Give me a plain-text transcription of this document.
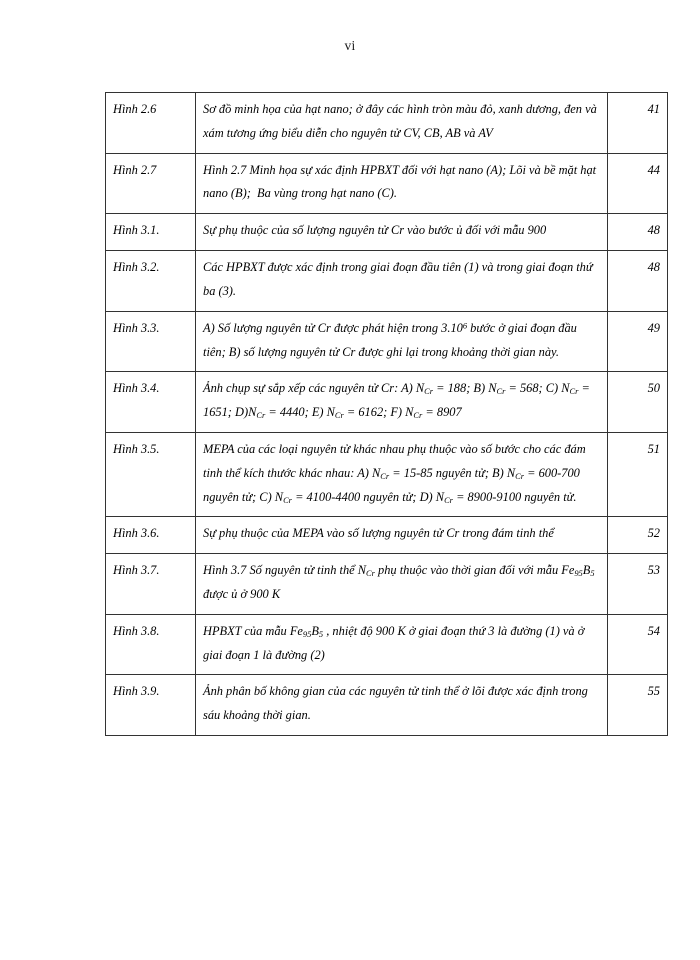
vi
Hình 2.6	Sơ đồ minh họa của hạt nano; ở đây các hình tròn màu đỏ, xanh dương, đen và xám tương ứng biểu diễn cho nguyên tử CV, CB, AB và AV	41
Hình 2.7	Hình 2.7 Minh họa sự xác định HPBXT đối với hạt nano (A); Lõi và bề mặt hạt nano (B);  Ba vùng trong hạt nano (C).	44
Hình 3.1.	Sự phụ thuộc của số lượng nguyên tử Cr vào bước ủ đối với mẫu 900	48
Hình 3.2.	Các HPBXT được xác định trong giai đoạn đầu tiên (1) và trong giai đoạn thứ ba (3).	48
Hình 3.3.	A) Số lượng nguyên tử Cr được phát hiện trong 3.10$^6$ bước ở giai đoạn đầu tiên; B) số lượng nguyên tử Cr được ghi lại trong khoảng thời gian này.	49
Hình 3.4.	Ảnh chụp sự sắp xếp các nguyên tử Cr: A) $N_{Cr} = 188$; B) $N_{Cr} = 568$; C) $N_{Cr} = 1651$; $D)N_{Cr} = 4440$; E) $N_{Cr} = 6162$; F) $N_{Cr} = 8907$	50
Hình 3.5.	MEPA của các loại nguyên tử khác nhau phụ thuộc vào số bước cho các đám tinh thể kích thước khác nhau: A) $N_{Cr} = 15-85$ nguyên tử; B) $N_{Cr} = 600-700$ nguyên tử; C) $N_{Cr} = 4100-4400$ nguyên tử; D) $N_{Cr} = 8900-9100$ nguyên tử.	51
Hình 3.6.	Sự phụ thuộc của MEPA vào số lượng nguyên tử Cr trong đám tinh thể	52
Hình 3.7.	Hình 3.7 Số nguyên tử tinh thể $N_{Cr}$ phụ thuộc vào thời gian đối với mẫu $Fe_{95}B_5$ được ủ ở 900 K	53
Hình 3.8.	HPBXT của mẫu $Fe_{95}B_5$ , nhiệt độ 900 K ở giai đoạn thứ 3 là đường (1) và ở giai đoạn 1 là đường (2)	54
Hình 3.9.	Ảnh phân bố không gian của các nguyên tử tinh thể ở lõi được xác định trong sáu khoảng thời gian.	55
